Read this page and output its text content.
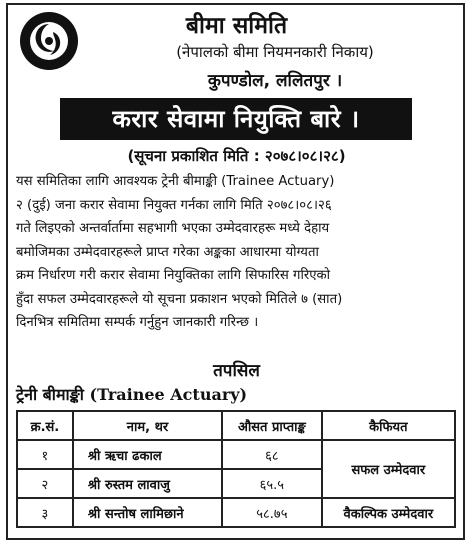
बीमा समिति
(नेपालको बीमा नियमनकारी निकाय)
कुपण्डोल, ललितपुर ।
करार सेवामा नियुक्ति बारे ।
(सूचना प्रकाशित मिति : २०७८।०८।२८)
यस समितिका लागि आवश्यक ट्रेनी बीमाङ्की (Trainee Actuary)
२ (दुई) जना करार सेवामा नियुक्त गर्नका लागि मिति २०७८।०८।२६
गते लिइएको अन्तर्वार्तामा सहभागी भएका उम्मेदवारहरू मध्ये देहाय
बमोजिमका उम्मेदवारहरूले प्राप्त गरेका अङ्कका आधारमा योग्यता
क्रम निर्धारण गरी करार सेवामा नियुक्तिका लागि सिफारिस गरिएको
हुँदा सफल उम्मेदवारहरूले यो सूचना प्रकाशन भएको मितिले ७ (सात)
दिनभित्र समितिमा सम्पर्क गर्नुहुन जानकारी गरिन्छ ।
तपसिल
ट्रेनी बीमाङ्की (Trainee Actuary)
क्र.सं.	नाम, थर	औसत प्राप्ताङ्क	कैफियत
१	श्री ऋचा ढकाल	६८	सफल उम्मेदवार
२	श्री रुस्तम लावाजु	६५.५	
३	श्री सन्तोष लामिछाने	५८.७५	वैकल्पिक उम्मेदवार
